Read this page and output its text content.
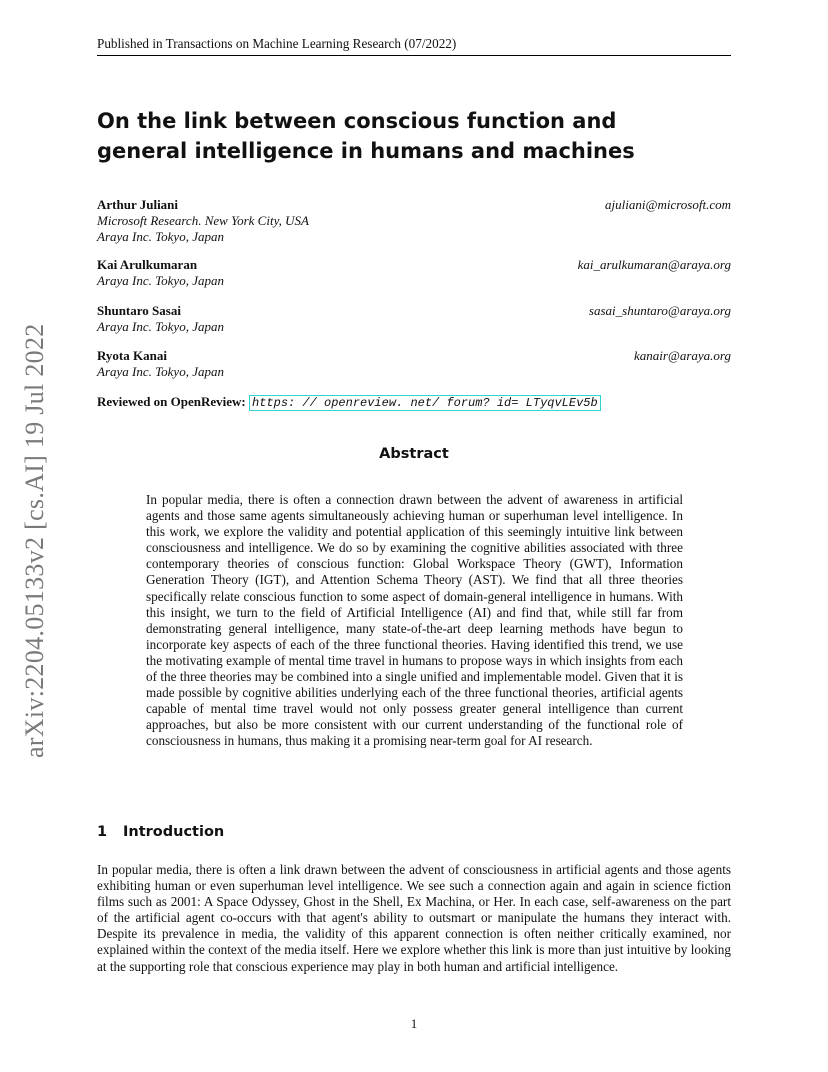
Published in Transactions on Machine Learning Research (07/2022)
On the link between conscious function and
general intelligence in humans and machines
Arthur Juliani
Microsoft Research. New York City, USA
Araya Inc. Tokyo, Japan
ajuliani@microsoft.com
Kai Arulkumaran
Araya Inc. Tokyo, Japan
kai_arulkumaran@araya.org
Shuntaro Sasai
Araya Inc. Tokyo, Japan
sasai_shuntaro@araya.org
Ryota Kanai
Araya Inc. Tokyo, Japan
kanair@araya.org
Reviewed on OpenReview: https: // openreview. net/ forum? id= LTyqvLEv5b
Abstract

In popular media, there is often a connection drawn between the advent of awareness in artificial agents and those same agents simultaneously achieving human or superhuman level intelligence. In this work, we explore the validity and potential application of this seemingly intuitive link between consciousness and intelligence. We do so by examining the cognitive abilities associated with three contemporary theories of conscious function: Global Workspace Theory (GWT), Information Generation Theory (IGT), and Attention Schema Theory (AST). We find that all three theories specifically relate conscious function to some aspect of domain-general intelligence in humans. With this insight, we turn to the field of Artificial Intelligence (AI) and find that, while still far from demonstrating general intelligence, many state-of-the-art deep learning methods have begun to incorporate key aspects of each of the three functional theories. Having identified this trend, we use the motivating example of mental time travel in humans to propose ways in which insights from each of the three theories may be combined into a single unified and implementable model. Given that it is made possible by cognitive abilities underlying each of the three functional theories, artificial agents capable of mental time travel would not only possess greater general intelligence than current approaches, but also be more consistent with our current understanding of the functional role of consciousness in humans, thus making it a promising near-term goal for AI research.

1 Introduction

In popular media, there is often a link drawn between the advent of consciousness in artificial agents and those agents exhibiting human or even superhuman level intelligence. We see such a connection again and again in science fiction films such as 2001: A Space Odyssey, Ghost in the Shell, Ex Machina, or Her. In each case, self-awareness on the part of the artificial agent co-occurs with that agent's ability to outsmart or manipulate the humans they interact with. Despite its prevalence in media, the validity of this apparent connection is often neither critically examined, nor explained within the context of the media itself. Here we explore whether this link is more than just intuitive by looking at the supporting role that conscious experience may play in both human and artificial intelligence.

1
arXiv:2204.05133v2 [cs.AI] 19 Jul 2022
